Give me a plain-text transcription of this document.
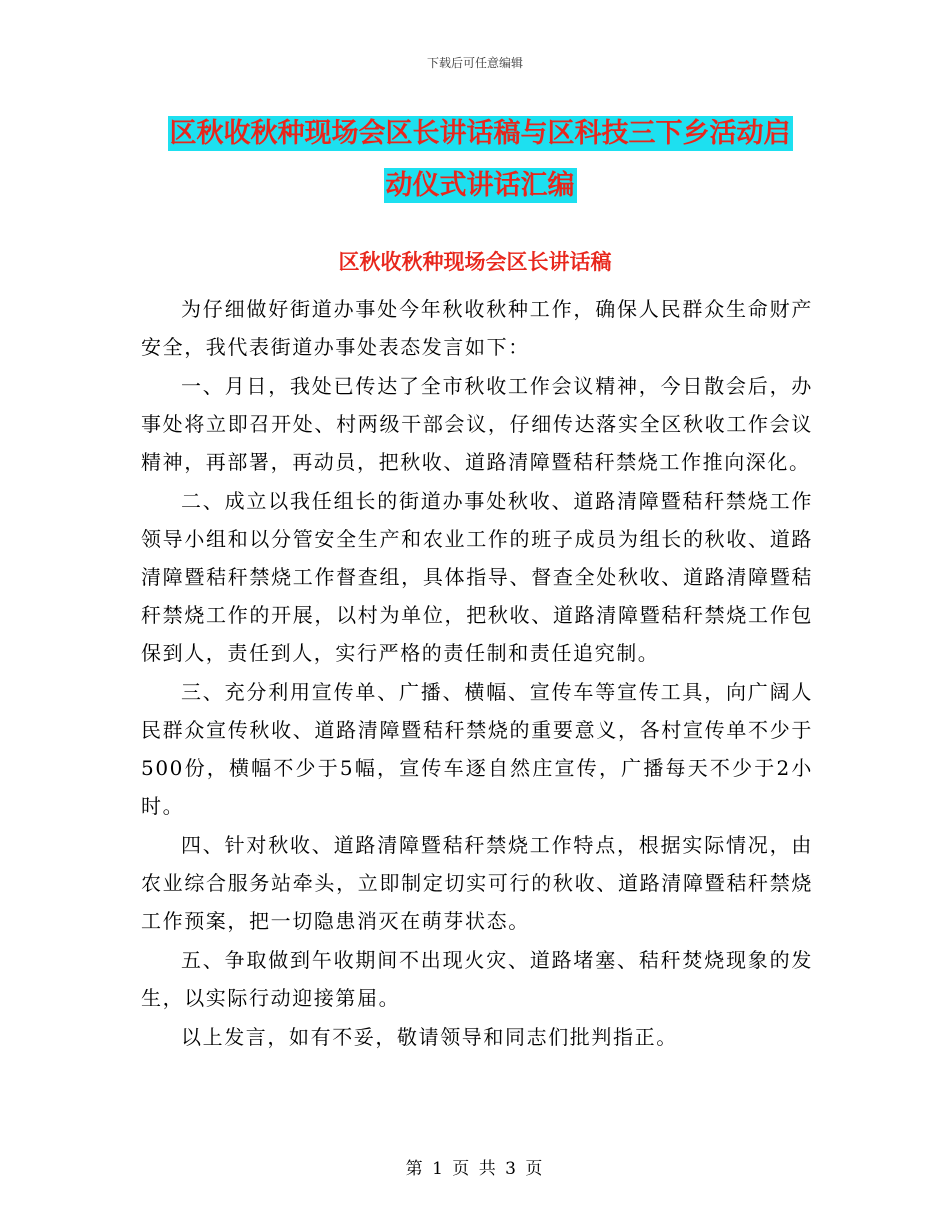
下载后可任意编辑
区秋收秋种现场会区长讲话稿与区科技三下乡活动启
动仪式讲话汇编
区秋收秋种现场会区长讲话稿

为仔细做好街道办事处今年秋收秋种工作，确保人民群众生命财产安全，我代表街道办事处表态发言如下：

一、月日，我处已传达了全市秋收工作会议精神，今日散会后，办事处将立即召开处、村两级干部会议，仔细传达落实全区秋收工作会议精神，再部署，再动员，把秋收、道路清障暨秸秆禁烧工作推向深化。

二、成立以我任组长的街道办事处秋收、道路清障暨秸秆禁烧工作领导小组和以分管安全生产和农业工作的班子成员为组长的秋收、道路清障暨秸秆禁烧工作督查组，具体指导、督查全处秋收、道路清障暨秸秆禁烧工作的开展，以村为单位，把秋收、道路清障暨秸秆禁烧工作包保到人，责任到人，实行严格的责任制和责任追究制。

三、充分利用宣传单、广播、横幅、宣传车等宣传工具，向广阔人民群众宣传秋收、道路清障暨秸秆禁烧的重要意义，各村宣传单不少于500份，横幅不少于5幅，宣传车逐自然庄宣传，广播每天不少于2小时。

四、针对秋收、道路清障暨秸秆禁烧工作特点，根据实际情况，由农业综合服务站牵头，立即制定切实可行的秋收、道路清障暨秸秆禁烧工作预案，把一切隐患消灭在萌芽状态。

五、争取做到午收期间不出现火灾、道路堵塞、秸秆焚烧现象的发生，以实际行动迎接第届。

以上发言，如有不妥，敬请领导和同志们批判指正。

第 1 页 共 3 页
